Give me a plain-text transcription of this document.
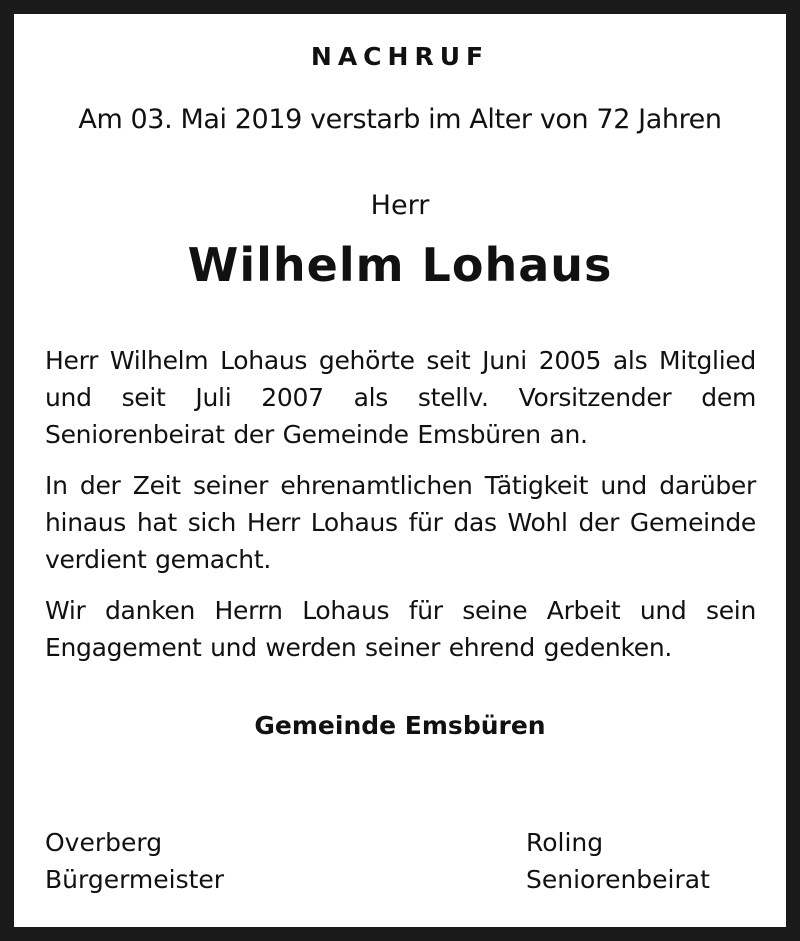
NACHRUF
Am 03. Mai 2019 verstarb im Alter von 72 Jahren
Herr
Wilhelm Lohaus

Herr Wilhelm Lohaus gehörte seit Juni 2005 als Mitglied und seit Juli 2007 als stellv. Vorsitzender dem Seniorenbeirat der Gemeinde Emsbüren an.

In der Zeit seiner ehrenamtlichen Tätigkeit und darüber hinaus hat sich Herr Lohaus für das Wohl der Gemeinde verdient gemacht.

Wir danken Herrn Lohaus für seine Arbeit und sein Engagement und werden seiner ehrend gedenken.

Gemeinde Emsbüren
Overberg
Bürgermeister
Roling
Seniorenbeirat
